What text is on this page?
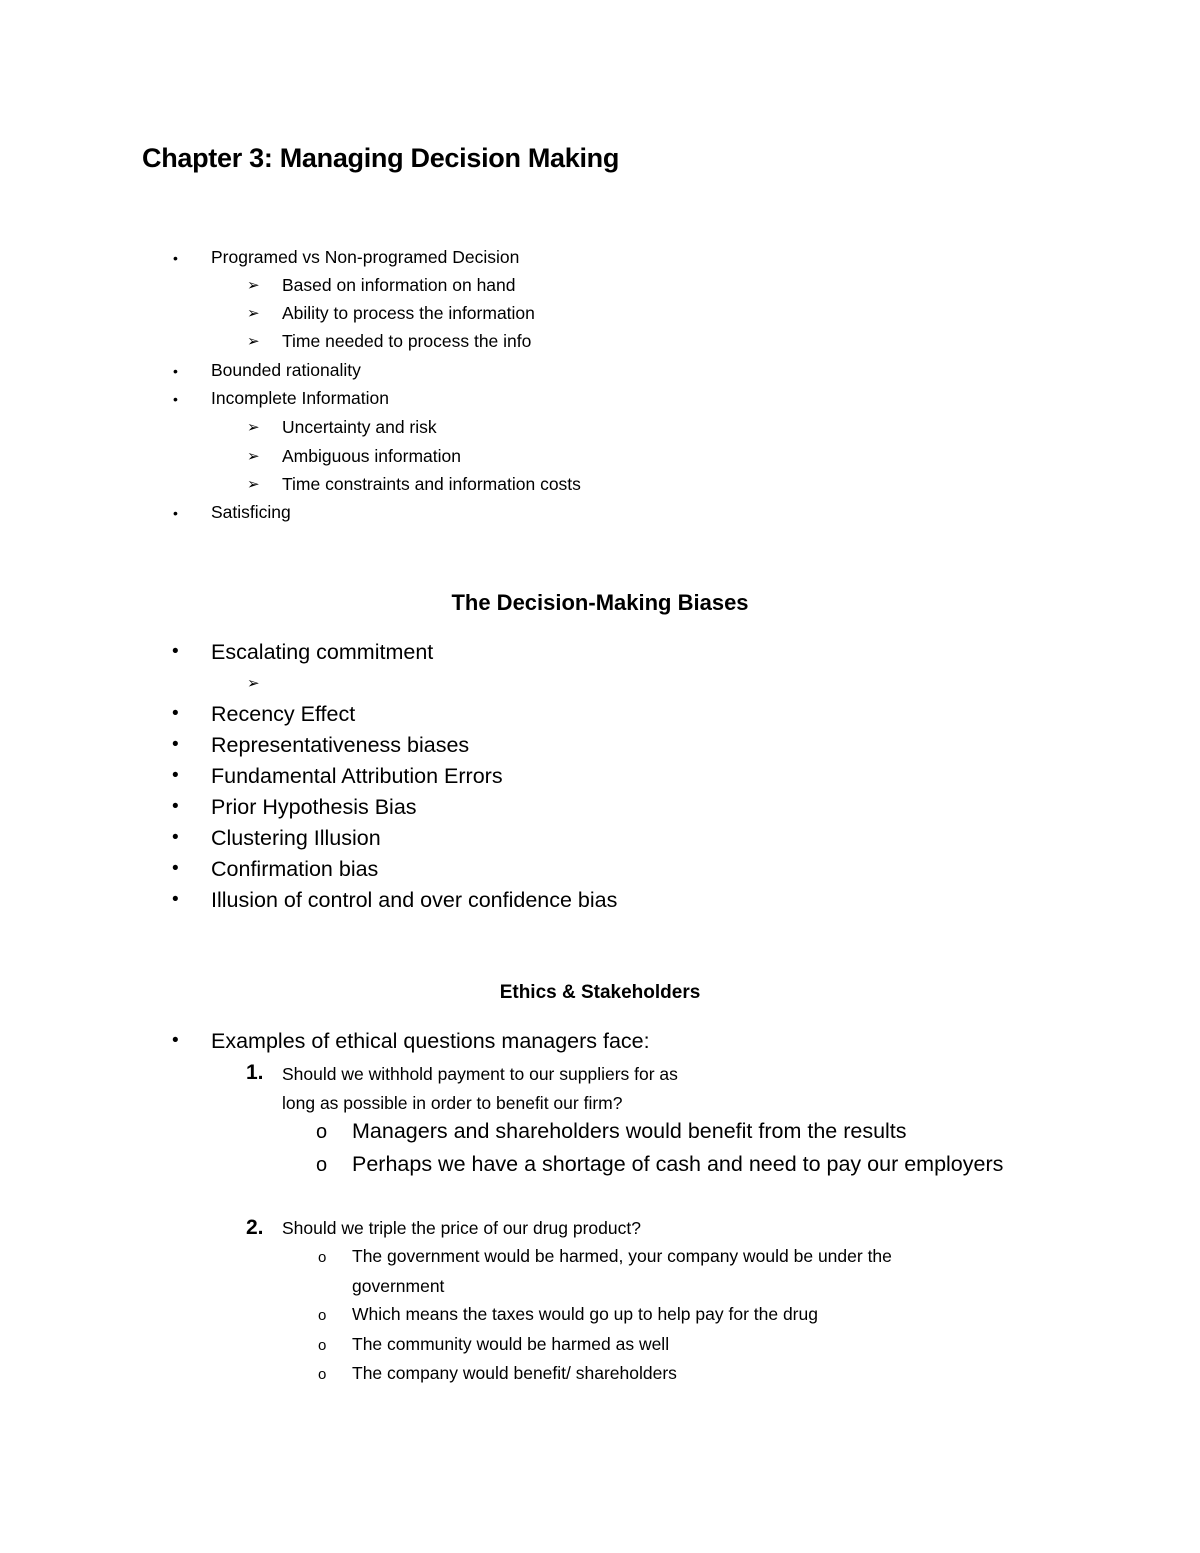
Chapter 3: Managing Decision Making
• Programed vs Non-programed Decision
➢ Based on information on hand
➢ Ability to process the information
➢ Time needed to process the info
• Bounded rationality
• Incomplete Information
➢ Uncertainty and risk
➢ Ambiguous information
➢ Time constraints and information costs
• Satisficing
The Decision-Making Biases
• Escalating commitment
➢
• Recency Effect
• Representativeness biases
• Fundamental Attribution Errors
• Prior Hypothesis Bias
• Clustering Illusion
• Confirmation bias
• Illusion of control and over confidence bias
Ethics & Stakeholders
• Examples of ethical questions managers face:
1. Should we withhold payment to our suppliers for as
long as possible in order to benefit our firm?
o Managers and shareholders would benefit from the results
o Perhaps we have a shortage of cash and need to pay our employers
2. Should we triple the price of our drug product?
o The government would be harmed, your company would be under the
government
o Which means the taxes would go up to help pay for the drug
o The community would be harmed as well
o The company would benefit/ shareholders
